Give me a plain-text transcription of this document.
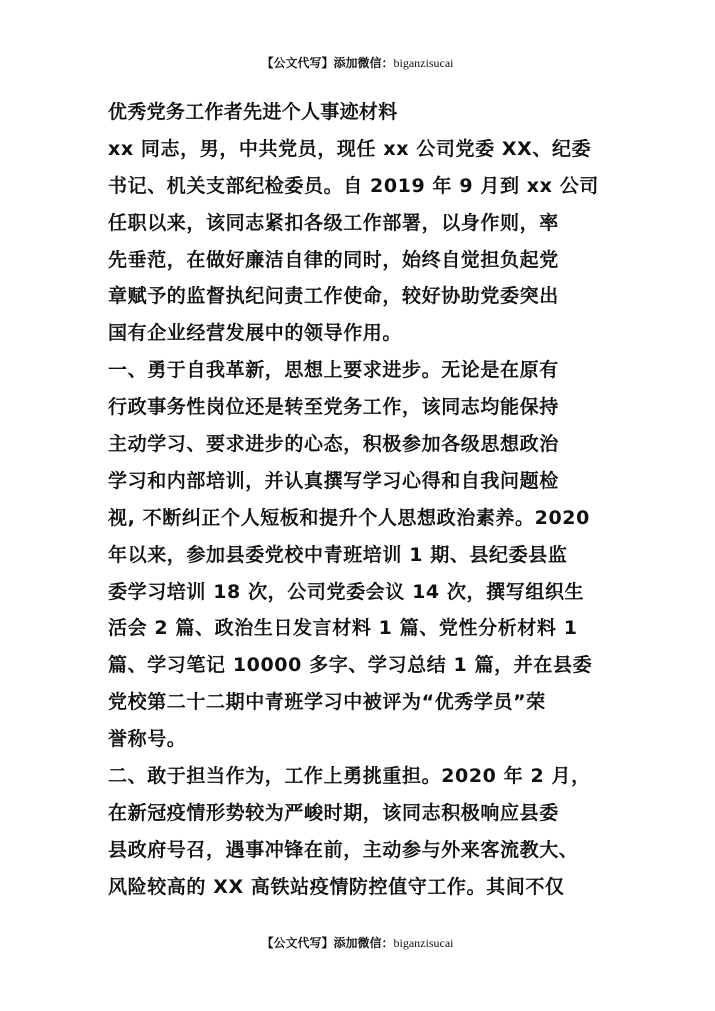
【公文代写】添加微信：biganzisucai
优秀党务工作者先进个人事迹材料
xx 同志，男，中共党员，现任 xx 公司党委 XX、纪委
书记、机关支部纪检委员。自 2019 年 9 月到 xx 公司
任职以来，该同志紧扣各级工作部署，以身作则，率
先垂范，在做好廉洁自律的同时，始终自觉担负起党
章赋予的监督执纪问责工作使命，较好协助党委突出
国有企业经营发展中的领导作用。
一、勇于自我革新，思想上要求进步。无论是在原有
行政事务性岗位还是转至党务工作，该同志均能保持
主动学习、要求进步的心态，积极参加各级思想政治
学习和内部培训，并认真撰写学习心得和自我问题检
视, 不断纠正个人短板和提升个人思想政治素养。2020
年以来，参加县委党校中青班培训 1 期、县纪委县监
委学习培训 18 次，公司党委会议 14 次，撰写组织生
活会 2 篇、政治生日发言材料 1 篇、党性分析材料 1
篇、学习笔记 10000 多字、学习总结 1 篇，并在县委
党校第二十二期中青班学习中被评为“优秀学员”荣
誉称号。
二、敢于担当作为，工作上勇挑重担。2020 年 2 月，
在新冠疫情形势较为严峻时期，该同志积极响应县委
县政府号召，遇事冲锋在前，主动参与外来客流教大、
风险较高的 XX 高铁站疫情防控值守工作。其间不仅
【公文代写】添加微信：biganzisucai
